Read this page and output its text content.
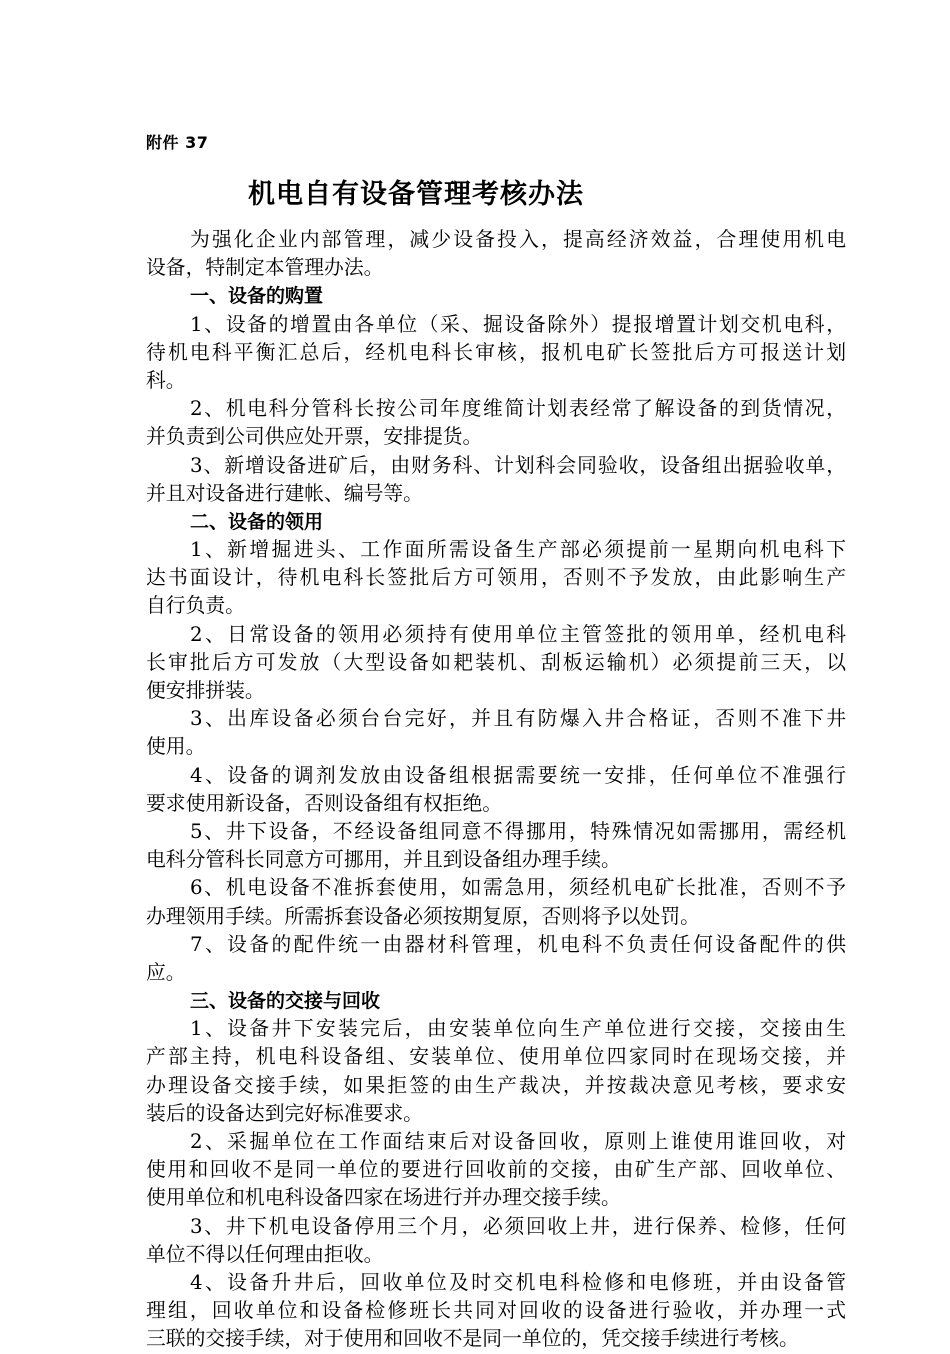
附件 37
机电自有设备管理考核办法
为强化企业内部管理，减少设备投入，提高经济效益，合理使用机电
设备，特制定本管理办法。
一、设备的购置
1、设备的增置由各单位（采、掘设备除外）提报增置计划交机电科，
待机电科平衡汇总后，经机电科长审核，报机电矿长签批后方可报送计划
科。
2、机电科分管科长按公司年度维简计划表经常了解设备的到货情况，
并负责到公司供应处开票，安排提货。
3、新增设备进矿后，由财务科、计划科会同验收，设备组出据验收单，
并且对设备进行建帐、编号等。
二、设备的领用
1、新增掘进头、工作面所需设备生产部必须提前一星期向机电科下
达书面设计，待机电科长签批后方可领用，否则不予发放，由此影响生产
自行负责。
2、日常设备的领用必须持有使用单位主管签批的领用单，经机电科
长审批后方可发放（大型设备如耙装机、刮板运输机）必须提前三天，以
便安排拼装。
3、出库设备必须台台完好，并且有防爆入井合格证，否则不准下井
使用。
4、设备的调剂发放由设备组根据需要统一安排，任何单位不准强行
要求使用新设备，否则设备组有权拒绝。
5、井下设备，不经设备组同意不得挪用，特殊情况如需挪用，需经机
电科分管科长同意方可挪用，并且到设备组办理手续。
6、机电设备不准拆套使用，如需急用，须经机电矿长批准，否则不予
办理领用手续。所需拆套设备必须按期复原，否则将予以处罚。
7、设备的配件统一由器材科管理，机电科不负责任何设备配件的供
应。
三、设备的交接与回收
1、设备井下安装完后，由安装单位向生产单位进行交接，交接由生
产部主持，机电科设备组、安装单位、使用单位四家同时在现场交接，并
办理设备交接手续，如果拒签的由生产裁决，并按裁决意见考核，要求安
装后的设备达到完好标准要求。
2、采掘单位在工作面结束后对设备回收，原则上谁使用谁回收，对
使用和回收不是同一单位的要进行回收前的交接，由矿生产部、回收单位、
使用单位和机电科设备四家在场进行并办理交接手续。
3、井下机电设备停用三个月，必须回收上井，进行保养、检修，任何
单位不得以任何理由拒收。
4、设备升井后，回收单位及时交机电科检修和电修班，并由设备管
理组，回收单位和设备检修班长共同对回收的设备进行验收，并办理一式
三联的交接手续，对于使用和回收不是同一单位的，凭交接手续进行考核。
